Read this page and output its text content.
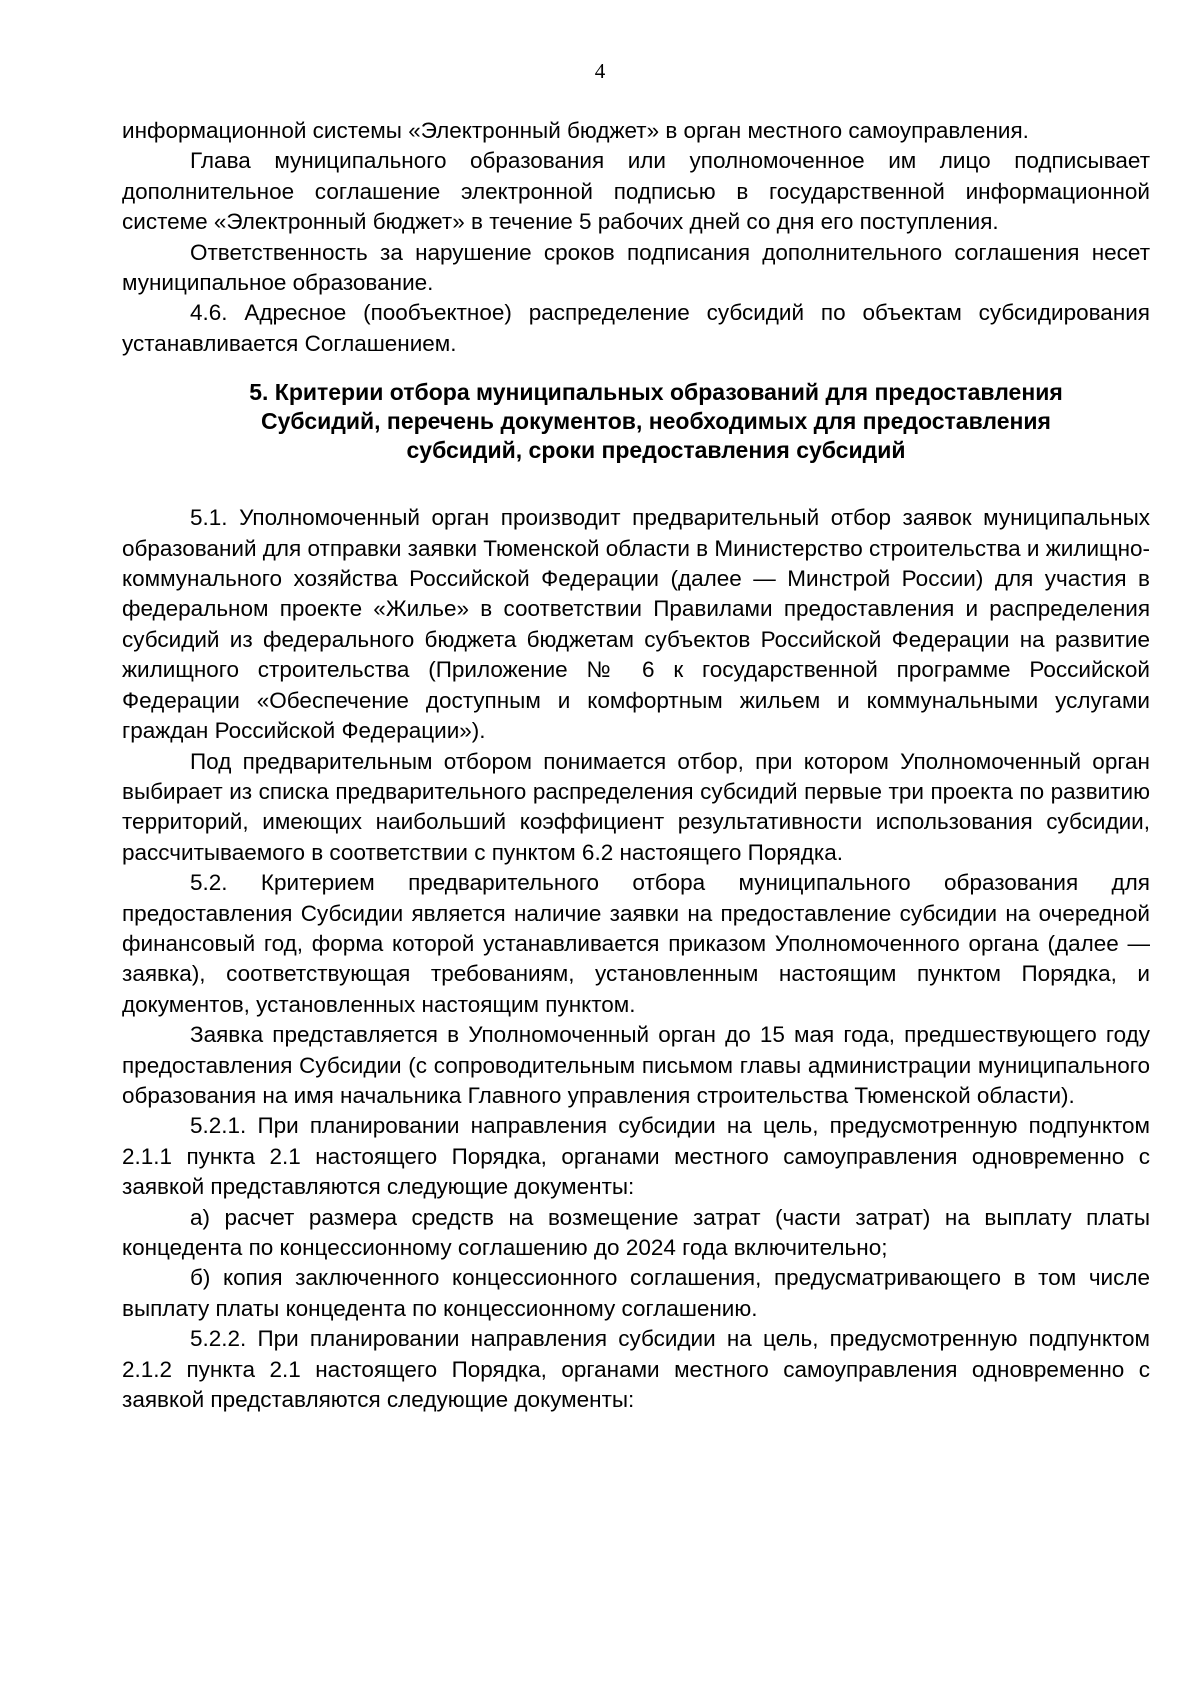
4

информационной системы «Электронный бюджет» в орган местного самоуправления.

Глава муниципального образования или уполномоченное им лицо подписывает дополнительное соглашение электронной подписью в государственной информационной системе «Электронный бюджет» в течение 5 рабочих дней со дня его поступления.

Ответственность за нарушение сроков подписания дополнительного соглашения несет муниципальное образование.

4.6. Адресное (пообъектное) распределение субсидий по объектам субсидирования устанавливается Соглашением.

5. Критерии отбора муниципальных образований для предоставления
Субсидий, перечень документов, необходимых для предоставления
субсидий, сроки предоставления субсидий

5.1. Уполномоченный орган производит предварительный отбор заявок муниципальных образований для отправки заявки Тюменской области в Министерство строительства и жилищно-коммунального хозяйства Российской Федерации (далее — Минстрой России) для участия в федеральном проекте «Жилье» в соответствии Правилами предоставления и распределения субсидий из федерального бюджета бюджетам субъектов Российской Федерации на развитие жилищного строительства (Приложение № 6 к государственной программе Российской Федерации «Обеспечение доступным и комфортным жильем и коммунальными услугами граждан Российской Федерации»).

Под предварительным отбором понимается отбор, при котором Уполномоченный орган выбирает из списка предварительного распределения субсидий первые три проекта по развитию территорий, имеющих наибольший коэффициент результативности использования субсидии, рассчитываемого в соответствии с пунктом 6.2 настоящего Порядка.

5.2. Критерием предварительного отбора муниципального образования для предоставления Субсидии является наличие заявки на предоставление субсидии на очередной финансовый год, форма которой устанавливается приказом Уполномоченного органа (далее — заявка), соответствующая требованиям, установленным настоящим пунктом Порядка, и документов, установленных настоящим пунктом.

Заявка представляется в Уполномоченный орган до 15 мая года, предшествующего году предоставления Субсидии (с сопроводительным письмом главы администрации муниципального образования на имя начальника Главного управления строительства Тюменской области).

5.2.1. При планировании направления субсидии на цель, предусмотренную подпунктом 2.1.1 пункта 2.1 настоящего Порядка, органами местного самоуправления одновременно с заявкой представляются следующие документы:

а) расчет размера средств на возмещение затрат (части затрат) на выплату платы концедента по концессионному соглашению до 2024 года включительно;

б) копия заключенного концессионного соглашения, предусматривающего в том числе выплату платы концедента по концессионному соглашению.

5.2.2. При планировании направления субсидии на цель, предусмотренную подпунктом 2.1.2 пункта 2.1 настоящего Порядка, органами местного самоуправления одновременно с заявкой представляются следующие документы:
